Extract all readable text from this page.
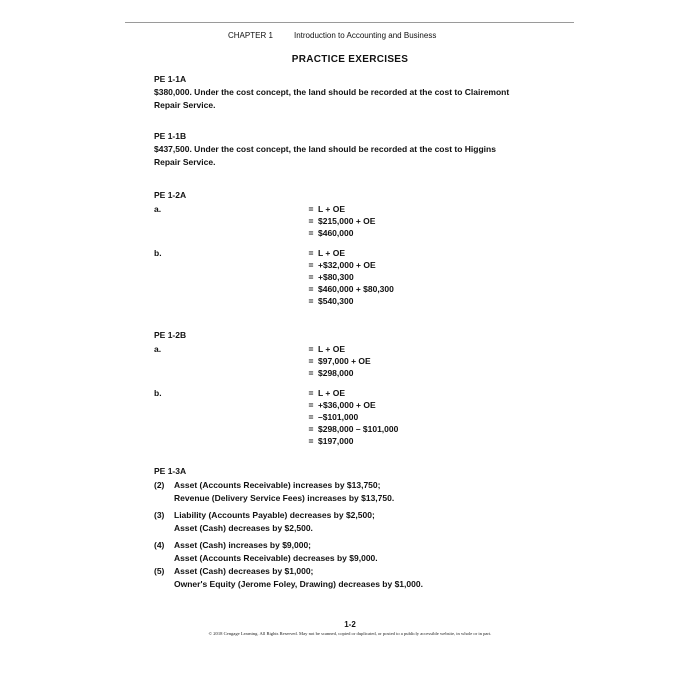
CHAPTER 1	Introduction to Accounting and Business
PRACTICE EXERCISES
PE 1-1A
$380,000. Under the cost concept, the land should be recorded at the cost to Clairemont
Repair Service.
PE 1-1B
$437,500. Under the cost concept, the land should be recorded at the cost to Higgins
Repair Service.
PE 1-2A
a.	= L + OE
= $215,000 + OE
= $460,000
b.	= L + OE
= +$32,000 + OE
= +$80,300
= $460,000 + $80,300
= $540,300
PE 1-2B
a.	= L + OE
= $97,000 + OE
= $298,000
b.	= L + OE
= +$36,000 + OE
= –$101,000
= $298,000 – $101,000
= $197,000
PE 1-3A
(2) Asset (Accounts Receivable) increases by $13,750;
Revenue (Delivery Service Fees) increases by $13,750.
(3) Liability (Accounts Payable) decreases by $2,500;
Asset (Cash) decreases by $2,500.
(4) Asset (Cash) increases by $9,000;
Asset (Accounts Receivable) decreases by $9,000.
(5) Asset (Cash) decreases by $1,000;
Owner's Equity (Jerome Foley, Drawing) decreases by $1,000.
1-2
© 2018 Cengage Learning. All Rights Reserved. May not be scanned, copied or duplicated, or posted to a publicly accessible website, in whole or in part.
